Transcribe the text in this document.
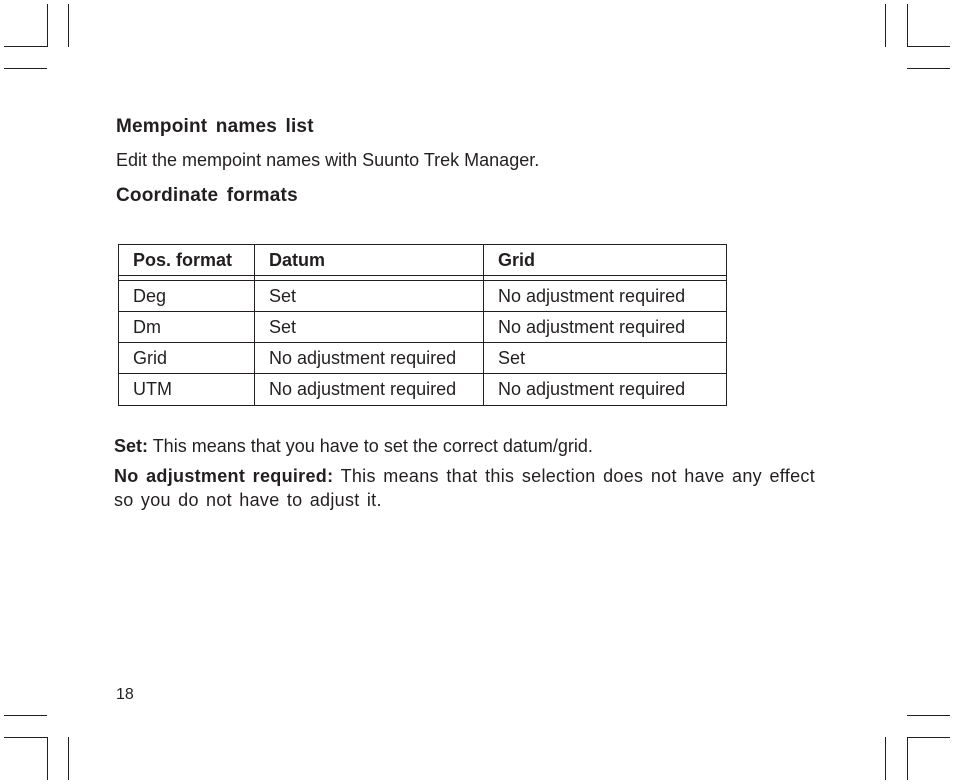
Mempoint names list

Edit the mempoint names with Suunto Trek Manager.

Coordinate formats
Pos. format	Datum	Grid

Deg	Set	No adjustment required
Dm	Set	No adjustment required
Grid	No adjustment required	Set
UTM	No adjustment required	No adjustment required

Set: This means that you have to set the correct datum/grid.

No adjustment required: This means that this selection does not have any effect so you do not have to adjust it.

18
